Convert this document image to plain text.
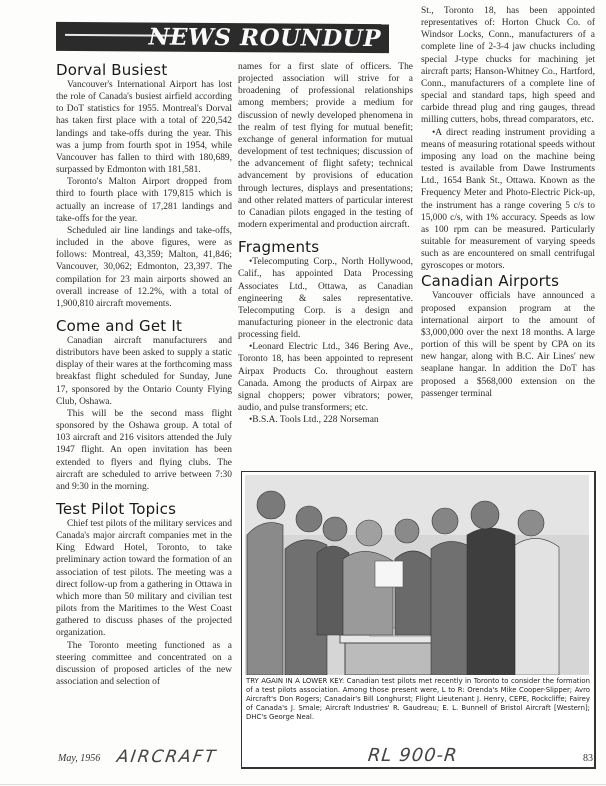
NEWS ROUNDUP
Dorval Busiest

Vancouver's International Airport has lost the role of Canada's busiest airfield according to DoT statistics for 1955. Montreal's Dorval has taken first place with a total of 220,542 landings and take-offs during the year. This was a jump from fourth spot in 1954, while Vancouver has fallen to third with 180,689, surpassed by Edmonton with 181,581.

Toronto's Malton Airport dropped from third to fourth place with 179,815 which is actually an increase of 17,281 landings and take-offs for the year.

Scheduled air line landings and take-offs, included in the above figures, were as follows: Montreal, 43,359; Malton, 41,846; Vancouver, 30,062; Edmonton, 23,397. The compilation for 23 main airports showed an overall increase of 12.2%, with a total of 1,900,810 aircraft movements.

Come and Get It

Canadian aircraft manufacturers and distributors have been asked to supply a static display of their wares at the forthcoming mass breakfast flight scheduled for Sunday, June 17, sponsored by the Ontario County Flying Club, Oshawa.

This will be the second mass flight sponsored by the Oshawa group. A total of 103 aircraft and 216 visitors attended the July 1947 flight. An open invitation has been extended to flyers and flying clubs. The aircraft are scheduled to arrive between 7:30 and 9:30 in the morning.

Test Pilot Topics

Chief test pilots of the military services and Canada's major aircraft companies met in the King Edward Hotel, Toronto, to take preliminary action toward the formation of an association of test pilots. The meeting was a direct follow-up from a gathering in Ottawa in which more than 50 military and civilian test pilots from the Maritimes to the West Coast gathered to discuss phases of the projected organization.

The Toronto meeting functioned as a steering committee and concentrated on a discussion of proposed articles of the new association and selection of

names for a first slate of officers. The projected association will strive for a broadening of professional relationships among members; provide a medium for discussion of newly developed phenomena in the realm of test flying for mutual benefit; exchange of general information for mutual development of test techniques; discussion of the advancement of flight safety; technical advancement by provisions of education through lectures, displays and presentations; and other related matters of particular interest to Canadian pilots engaged in the testing of modern experimental and production aircraft.

Fragments

•Telecomputing Corp., North Hollywood, Calif., has appointed Data Processing Associates Ltd., Ottawa, as Canadian engineering & sales representative. Telecomputing Corp. is a design and manufacturing pioneer in the electronic data processing field.

•Leonard Electric Ltd., 346 Bering Ave., Toronto 18, has been appointed to represent Airpax Products Co. throughout eastern Canada. Among the products of Airpax are signal choppers; power vibrators; power, audio, and pulse transformers; etc.

•B.S.A. Tools Ltd., 228 Norseman

St., Toronto 18, has been appointed representatives of: Horton Chuck Co. of Windsor Locks, Conn., manufacturers of a complete line of 2-3-4 jaw chucks including special J-type chucks for machining jet aircraft parts; Hanson-Whitney Co., Hartford, Conn., manufacturers of a complete line of special and standard taps, high speed and carbide thread plug and ring gauges, thread milling cutters, hobs, thread comparators, etc.

•A direct reading instrument providing a means of measuring rotational speeds without imposing any load on the machine being tested is available from Dawe Instruments Ltd., 1654 Bank St., Ottawa. Known as the Frequency Meter and Photo-Electric Pick-up, the instrument has a range covering 5 c/s to 15,000 c/s, with 1% accuracy. Speeds as low as 100 rpm can be measured. Particularly suitable for measurement of varying speeds such as are encountered on small centrifugal gyroscopes or motors.

Canadian Airports

Vancouver officials have announced a proposed expansion program at the international airport to the amount of $3,000,000 over the next 18 months. A large portion of this will be spent by CPA on its new hangar, along with B.C. Air Lines' new seaplane hangar. In addition the DoT has proposed a $568,000 extension on the passenger terminal

TRY AGAIN IN A LOWER KEY: Canadian test pilots met recently in Toronto to consider the formation of a test pilots association. Among those present were, L to R: Orenda's Mike Cooper-Slipper; Avro Aircraft's Don Rogers; Canadair's Bill Longhurst; Flight Lieutenant J. Henry, CEPE, Rockcliffe; Fairey of Canada's J. Smale; Aircraft Industries' R. Gaudreau; E. L. Bunnell of Bristol Aircraft [Western]; DHC's George Neal.
May, 1956 AIRCRAFT	RL 900-R	83
